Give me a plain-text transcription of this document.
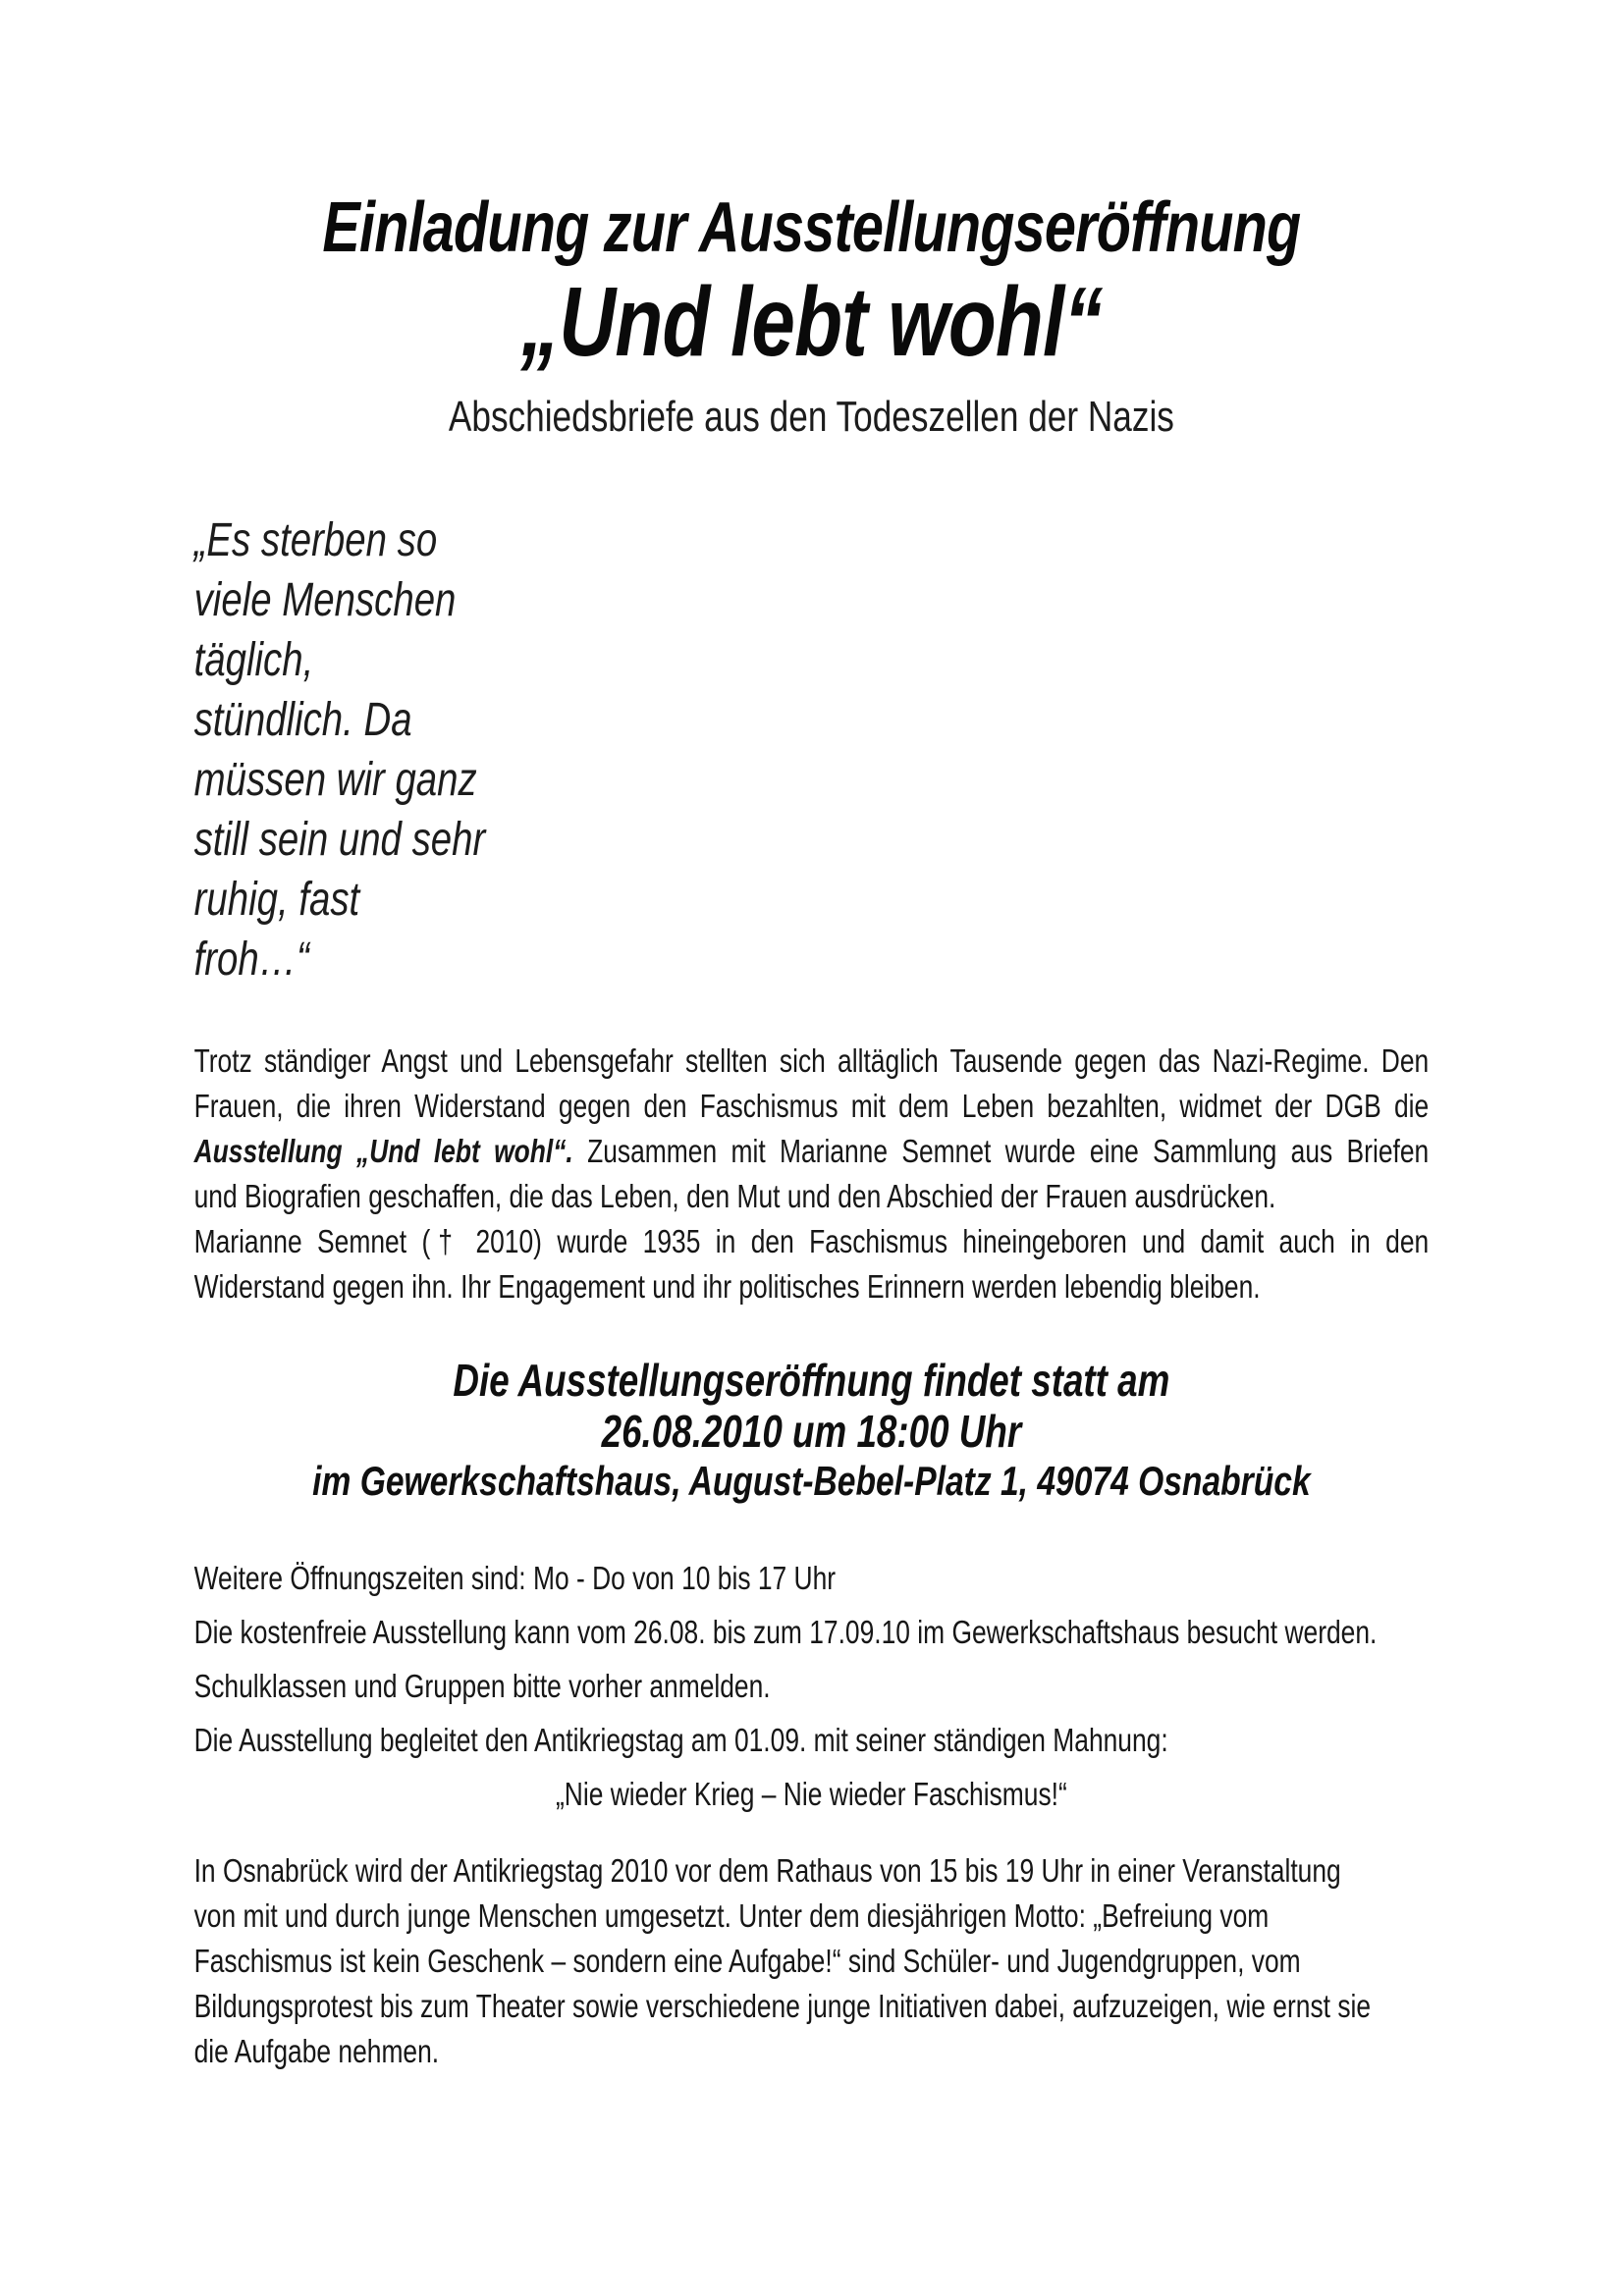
Einladung zur Ausstellungseröffnung
„Und lebt wohl“
Abschiedsbriefe aus den Todeszellen der Nazis
„Es sterben so
viele Menschen
täglich,
stündlich. Da
müssen wir ganz
still sein und sehr
ruhig, fast
froh…“
Trotz ständiger Angst und Lebensgefahr stellten sich alltäglich Tausende gegen das Nazi-Regime. Den
Frauen, die ihren Widerstand gegen den Faschismus mit dem Leben bezahlten, widmet der DGB die
Ausstellung „Und lebt wohl“. Zusammen mit Marianne Semnet wurde eine Sammlung aus Briefen
und Biografien geschaffen, die das Leben, den Mut und den Abschied der Frauen ausdrücken.
Marianne Semnet († 2010) wurde 1935 in den Faschismus hineingeboren und damit auch in den
Widerstand gegen ihn. Ihr Engagement und ihr politisches Erinnern werden lebendig bleiben.
Die Ausstellungseröffnung findet statt am
26.08.2010 um 18:00 Uhr
im Gewerkschaftshaus, August-Bebel-Platz 1, 49074 Osnabrück
Weitere Öffnungszeiten sind: Mo - Do von 10 bis 17 Uhr
Die kostenfreie Ausstellung kann vom 26.08. bis zum 17.09.10 im Gewerkschaftshaus besucht werden.
Schulklassen und Gruppen bitte vorher anmelden.
Die Ausstellung begleitet den Antikriegstag am 01.09. mit seiner ständigen Mahnung:
„Nie wieder Krieg – Nie wieder Faschismus!“
In Osnabrück wird der Antikriegstag 2010 vor dem Rathaus von 15 bis 19 Uhr in einer Veranstaltung
von mit und durch junge Menschen umgesetzt. Unter dem diesjährigen Motto: „Befreiung vom
Faschismus ist kein Geschenk – sondern eine Aufgabe!“ sind Schüler- und Jugendgruppen, vom
Bildungsprotest bis zum Theater sowie verschiedene junge Initiativen dabei, aufzuzeigen, wie ernst sie
die Aufgabe nehmen.
